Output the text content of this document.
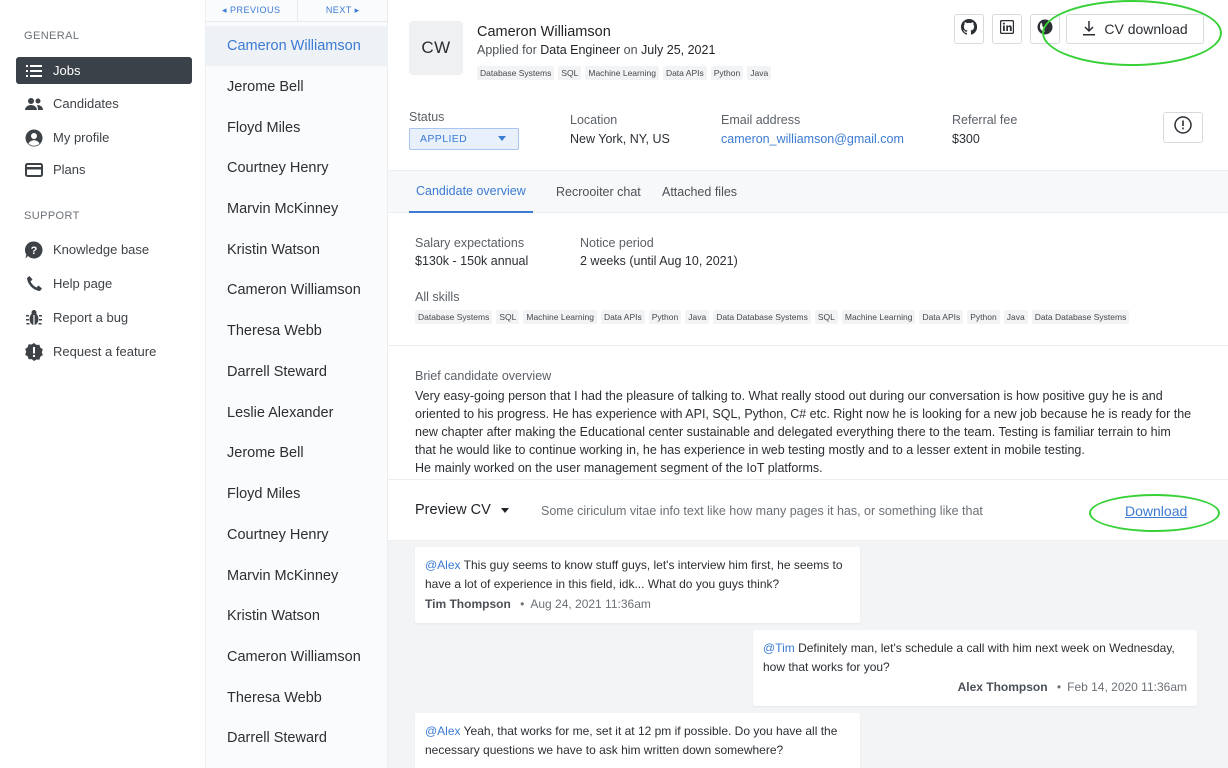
GENERAL
Jobs
Candidates
My profile
Plans
SUPPORT
? Knowledge base
Help page
Report a bug
Request a feature
◂ PREVIOUS	NEXT ▸
Cameron Williamson
Jerome Bell
Floyd Miles
Courtney Henry
Marvin McKinney
Kristin Watson
Cameron Williamson
Theresa Webb
Darrell Steward
Leslie Alexander
Jerome Bell
Floyd Miles
Courtney Henry
Marvin McKinney
Kristin Watson
Cameron Williamson
Theresa Webb
Darrell Steward
CW
Cameron Williamson
Applied for Data Engineer on July 25, 2021
Database Systems	SQL	Machine Learning	Data APIs	Python	Java
CV download
Status
APPLIED
Location
New York, NY, US
Email address
cameron_williamson@gmail.com
Referral fee
$300
Candidate overview	Recrooiter chat Attached files
Salary expectations
$130k - 150k annual
Notice period
2 weeks (until Aug 10, 2021)
All skills
Database Systems	SQL	Machine Learning	Data APIs	Python	Java	Data Database Systems	SQL	Machine Learning	Data APIs	Python	Java	Data Database Systems
Brief candidate overview
Very easy-going person that I had the pleasure of talking to. What really stood out during our conversation is how positive guy he is and
oriented to his progress. He has experience with API, SQL, Python, C# etc. Right now he is looking for a new job because he is ready for the
new chapter after making the Educational center sustainable and delegated everything there to the team. Testing is familiar terrain to him
that he would like to continue working in, he has experience in web testing mostly and to a lesser extent in mobile testing.
He mainly worked on the user management segment of the IoT platforms.
Preview CV	Some ciriculum vitae info text like how many pages it has, or something like that	Download
@Alex This guy seems to know stuff guys, let's interview him first, he seems to
have a lot of experience in this field, idk... What do you guys think?
Tim Thompson • Aug 24, 2021 11:36am
@Tim Definitely man, let's schedule a call with him next week on Wednesday,
how that works for you?
Alex Thompson • Feb 14, 2020 11:36am
@Alex Yeah, that works for me, set it at 12 pm if possible. Do you have all the
necessary questions we have to ask him written down somewhere?
